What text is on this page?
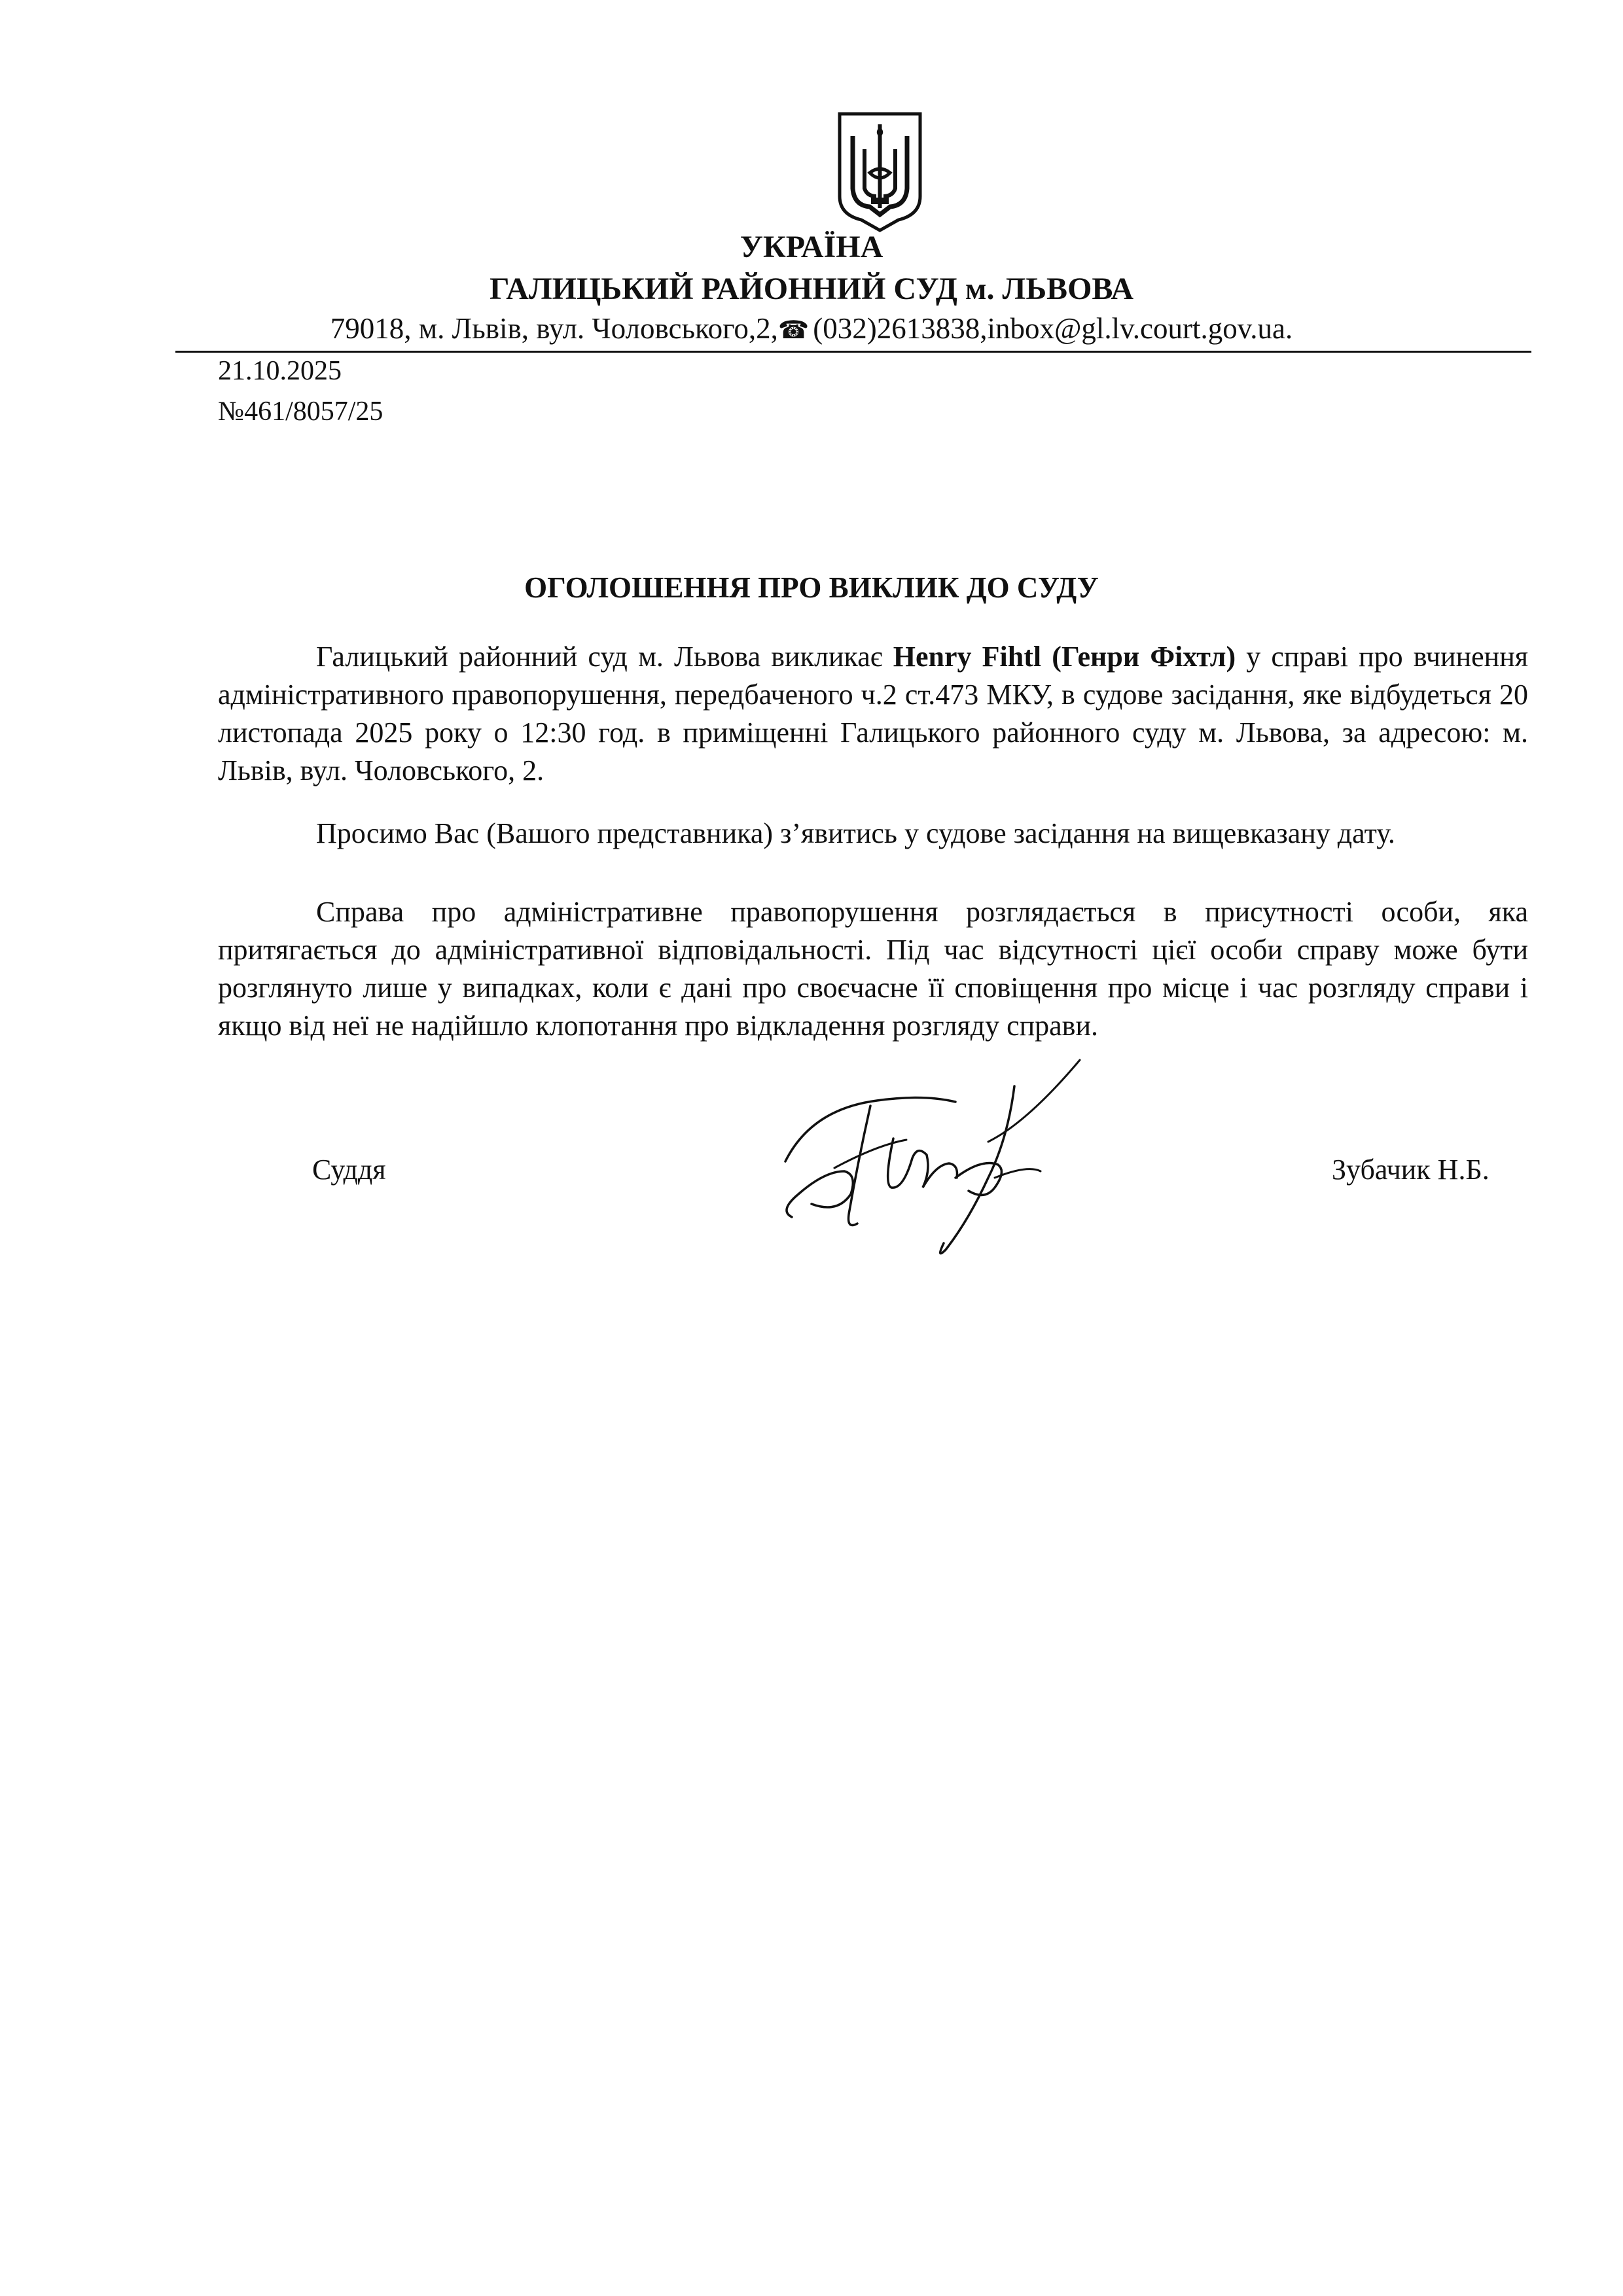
УКРАЇНА
ГАЛИЦЬКИЙ РАЙОННИЙ СУД м. ЛЬВОВА
79018, м. Львів, вул. Чоловського,2,☎ (032)2613838,inbox@gl.lv.court.gov.ua.
21.10.2025
№461/8057/25
ОГОЛОШЕННЯ ПРО ВИКЛИК ДО СУДУ

Галицький районний суд м. Львова викликає Henry Fihtl (Генри Фіхтл) у справі про вчинення адміністративного правопорушення, передбаченого ч.2 ст.473 МКУ, в судове засідання, яке відбудеться 20 листопада 2025 року о 12:30 год. в приміщенні Галицького районного суду м. Львова, за адресою: м. Львів, вул. Чоловського, 2.

Просимо Вас (Вашого представника) з’явитись у судове засідання на вищевказану дату.

Справа про адміністративне правопорушення розглядається в присутності особи, яка притягається до адміністративної відповідальності. Під час відсутності цієї особи справу може бути розглянуто лише у випадках, коли є дані про своєчасне її сповіщення про місце і час розгляду справи і якщо від неї не надійшло клопотання про відкладення розгляду справи.

Суддя	Зубачик Н.Б.
